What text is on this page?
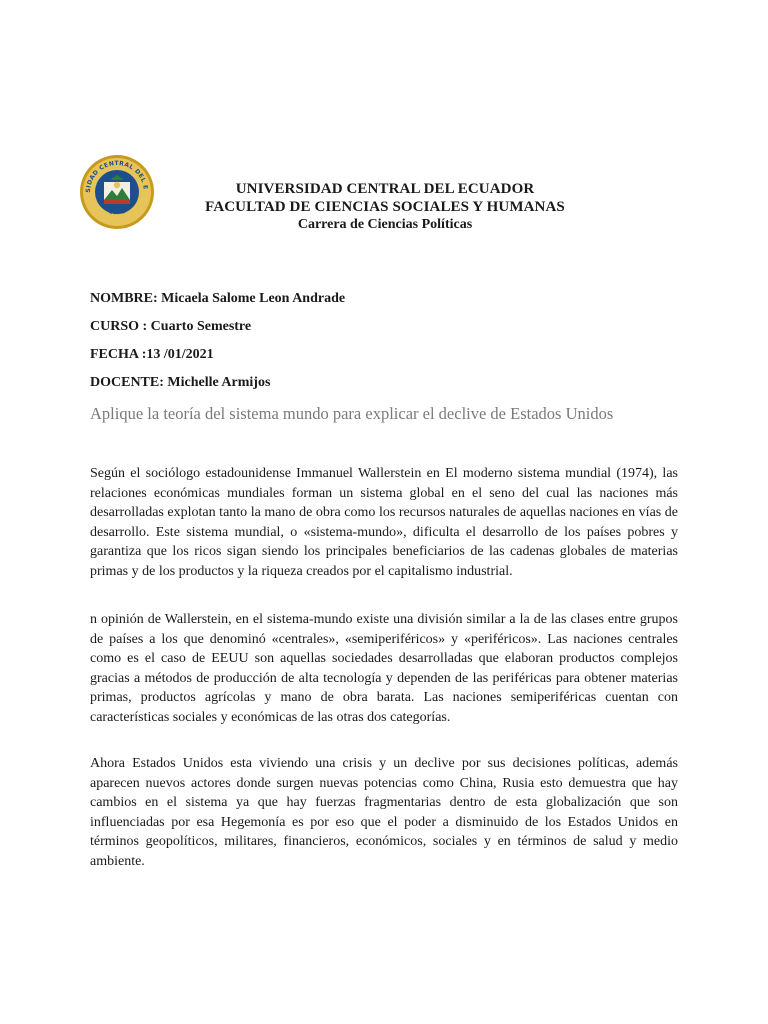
SIDAD CENTRAL DEL E
QUITO
UNIVERSIDAD CENTRAL DEL ECUADOR
FACULTAD DE CIENCIAS SOCIALES Y HUMANAS
Carrera de Ciencias Políticas
NOMBRE: Micaela Salome Leon Andrade
CURSO : Cuarto Semestre
FECHA :13 /01/2021
DOCENTE: Michelle Armijos
Aplique la teoría del sistema mundo para explicar el declive de Estados Unidos

Según el sociólogo estadounidense Immanuel Wallerstein en El moderno sistema mundial (1974), las relaciones económicas mundiales forman un sistema global en el seno del cual las naciones más desarrolladas explotan tanto la mano de obra como los recursos naturales de aquellas naciones en vías de desarrollo. Este sistema mundial, o «sistema-mundo», dificulta el desarrollo de los países pobres y garantiza que los ricos sigan siendo los principales beneficiarios de las cadenas globales de materias primas y de los productos y la riqueza creados por el capitalismo industrial.

n opinión de Wallerstein, en el sistema-mundo existe una división similar a la de las clases entre grupos de países a los que denominó «centrales», «semiperiféricos» y «periféricos». Las naciones centrales como es el caso de EEUU son aquellas sociedades desarrolladas que elaboran productos complejos gracias a métodos de producción de alta tecnología y dependen de las periféricas para obtener materias primas, productos agrícolas y mano de obra barata. Las naciones semiperiféricas cuentan con características sociales y económicas de las otras dos categorías.

Ahora Estados Unidos esta viviendo una crisis y un declive por sus decisiones políticas, además aparecen nuevos actores donde surgen nuevas potencias como China, Rusia esto demuestra que hay cambios en el sistema ya que hay fuerzas fragmentarias dentro de esta globalización que son influenciadas por esa Hegemonía es por eso que el poder a disminuido de los Estados Unidos en términos geopolíticos, militares, financieros, económicos, sociales y en términos de salud y medio ambiente.
